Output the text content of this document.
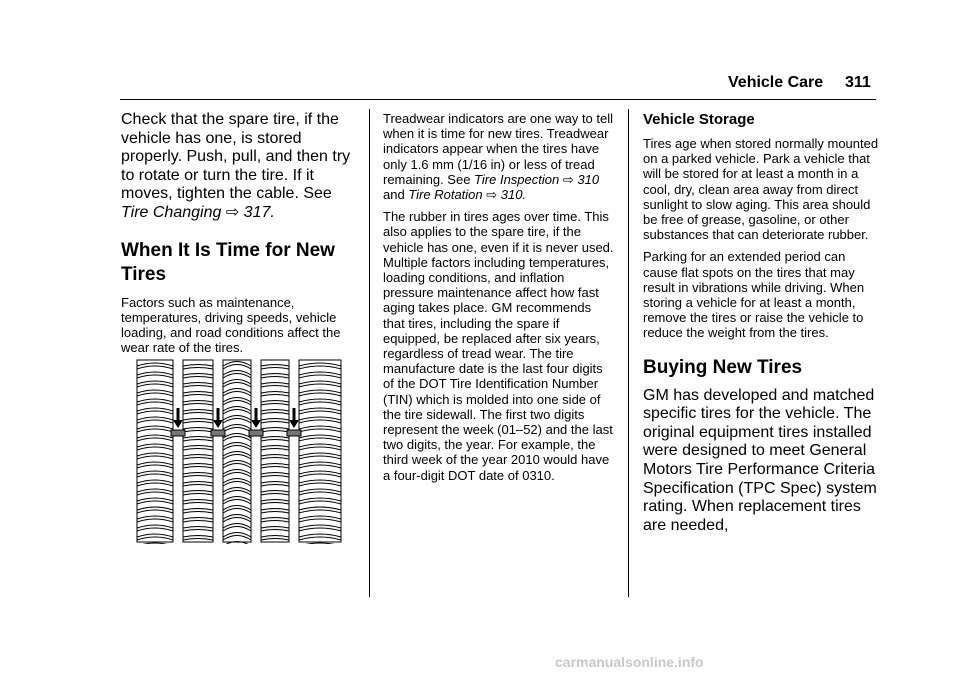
Vehicle Care 311

Check that the spare tire, if the vehicle has one, is stored properly. Push, pull, and then try to rotate or turn the tire. If it moves, tighten the cable. See
Tire Changing ⇨ 317.

When It Is Time for New Tires

Factors such as maintenance, temperatures, driving speeds, vehicle loading, and road conditions affect the wear rate of the tires.

Treadwear indicators are one way to tell when it is time for new tires. Treadwear indicators appear when the tires have only 1.6 mm (1/16 in) or less of tread remaining. See Tire Inspection ⇨ 310 and Tire Rotation ⇨ 310.

The rubber in tires ages over time. This also applies to the spare tire, if the vehicle has one, even if it is never used. Multiple factors including temperatures, loading conditions, and inflation pressure maintenance affect how fast aging takes place. GM recommends that tires, including the spare if equipped, be replaced after six years, regardless of tread wear. The tire manufacture date is the last four digits of the DOT Tire Identification Number (TIN) which is molded into one side of the tire sidewall. The first two digits represent the week (01–52) and the last two digits, the year. For example, the third week of the year 2010 would have a four-digit DOT date of 0310.

Vehicle Storage

Tires age when stored normally mounted on a parked vehicle. Park a vehicle that will be stored for at least a month in a cool, dry, clean area away from direct sunlight to slow aging. This area should be free of grease, gasoline, or other substances that can deteriorate rubber.

Parking for an extended period can cause flat spots on the tires that may result in vibrations while driving. When storing a vehicle for at least a month, remove the tires or raise the vehicle to reduce the weight from the tires.

Buying New Tires

GM has developed and matched specific tires for the vehicle. The original equipment tires installed were designed to meet General Motors Tire Performance Criteria Specification (TPC Spec) system rating. When replacement tires are needed,

carmanualsonline.info
